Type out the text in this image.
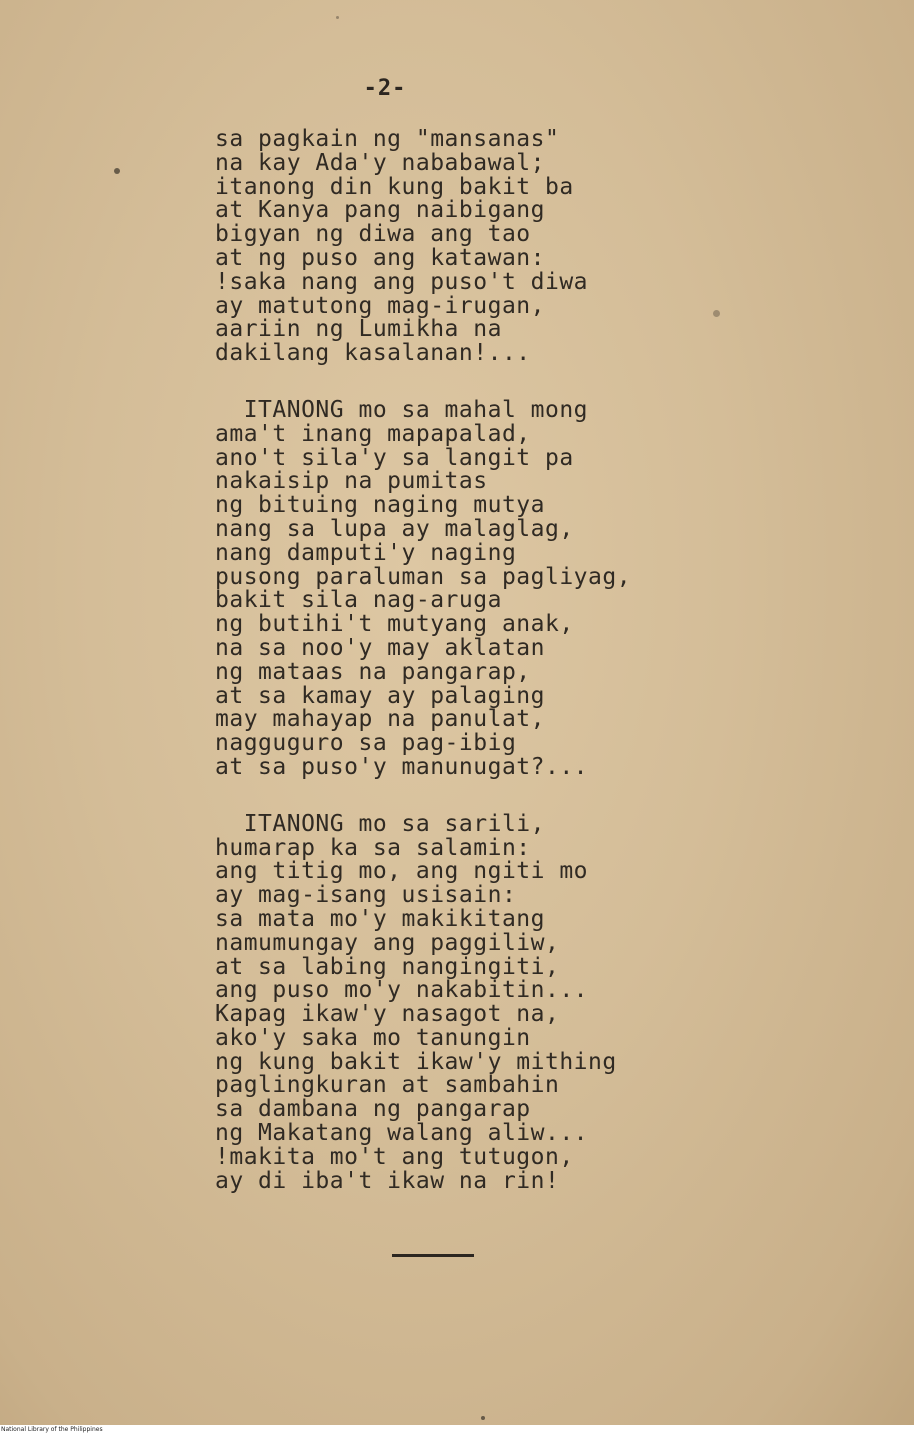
-2-
sa pagkain ng "mansanas"
na kay Ada'y nababawal;
itanong din kung bakit ba
at Kanya pang naibigang
bigyan ng diwa ang tao
at ng puso ang katawan:
!saka nang ang puso't diwa
ay matutong mag-irugan,
aariin ng Lumikha na
dakilang kasalanan!...
ITANONG mo sa mahal mong
ama't inang mapapalad,
ano't sila'y sa langit pa
nakaisip na pumitas
ng bituing naging mutya
nang sa lupa ay malaglag,
nang damputi'y naging
pusong paraluman sa pagliyag,
bakit sila nag-aruga
ng butihi't mutyang anak,
na sa noo'y may aklatan
ng mataas na pangarap,
at sa kamay ay palaging
may mahayap na panulat,
nagguguro sa pag-ibig
at sa puso'y manunugat?...
ITANONG mo sa sarili,
humarap ka sa salamin:
ang titig mo, ang ngiti mo
ay mag-isang usisain:
sa mata mo'y makikitang
namumungay ang paggiliw,
at sa labing nangingiti,
ang puso mo'y nakabitin...
Kapag ikaw'y nasagot na,
ako'y saka mo tanungin
ng kung bakit ikaw'y mithing
paglingkuran at sambahin
sa dambana ng pangarap
ng Makatang walang aliw...
!makita mo't ang tutugon,
ay di iba't ikaw na rin!
National Library of the Philippines
